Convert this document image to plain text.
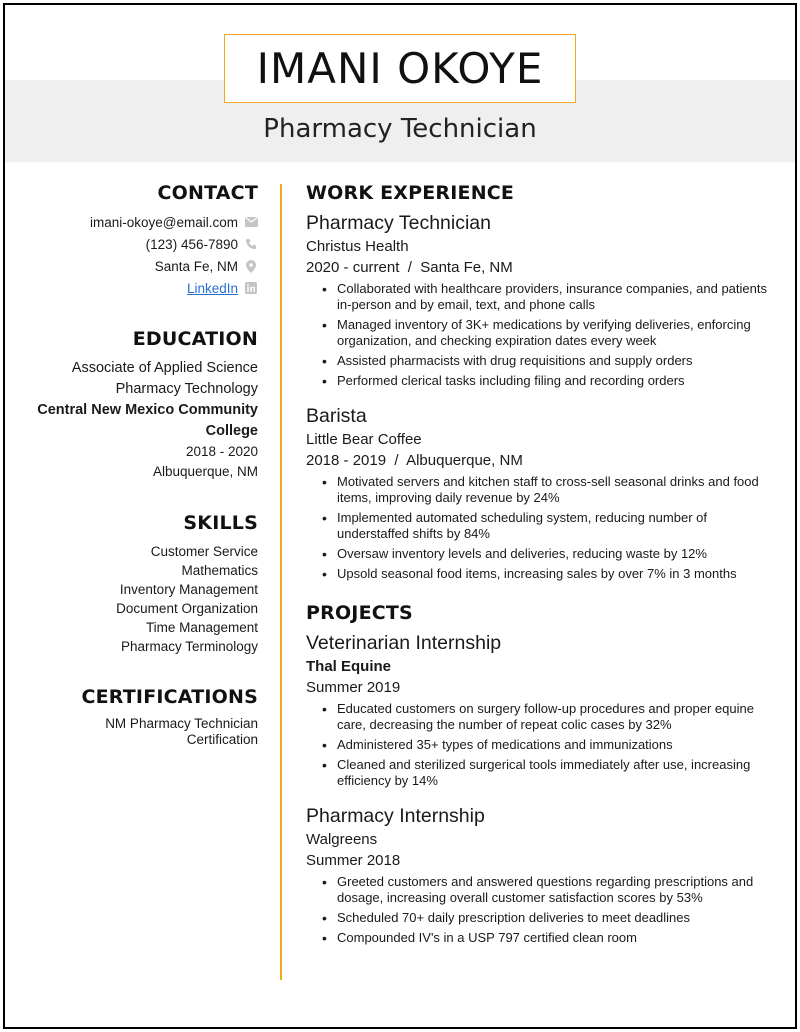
IMANI OKOYE
Pharmacy Technician
CONTACT
imani-okoye@email.com
(123) 456-7890
Santa Fe, NM
LinkedIn
EDUCATION
Associate of Applied Science
Pharmacy Technology
Central New Mexico Community College
2018 - 2020
Albuquerque, NM
SKILLS
Customer Service
Mathematics
Inventory Management
Document Organization
Time Management
Pharmacy Terminology
CERTIFICATIONS
NM Pharmacy Technician Certification
WORK EXPERIENCE
Pharmacy Technician
Christus Health
2020 - current  /  Santa Fe, NM
• Collaborated with healthcare providers, insurance companies, and patients in-person and by email, text, and phone calls
• Managed inventory of 3K+ medications by verifying deliveries, enforcing organization, and checking expiration dates every week
• Assisted pharmacists with drug requisitions and supply orders
• Performed clerical tasks including filing and recording orders
Barista
Little Bear Coffee
2018 - 2019  /  Albuquerque, NM
• Motivated servers and kitchen staff to cross-sell seasonal drinks and food items, improving daily revenue by 24%
• Implemented automated scheduling system, reducing number of understaffed shifts by 84%
• Oversaw inventory levels and deliveries, reducing waste by 12%
• Upsold seasonal food items, increasing sales by over 7% in 3 months
PROJECTS
Veterinarian Internship
Thal Equine
Summer 2019
• Educated customers on surgery follow-up procedures and proper equine care, decreasing the number of repeat colic cases by 32%
• Administered 35+ types of medications and immunizations
• Cleaned and sterilized surgerical tools immediately after use, increasing efficiency by 14%
Pharmacy Internship
Walgreens
Summer 2018
• Greeted customers and answered questions regarding prescriptions and dosage, increasing overall customer satisfaction scores by 53%
• Scheduled 70+ daily prescription deliveries to meet deadlines
• Compounded IV's in a USP 797 certified clean room
